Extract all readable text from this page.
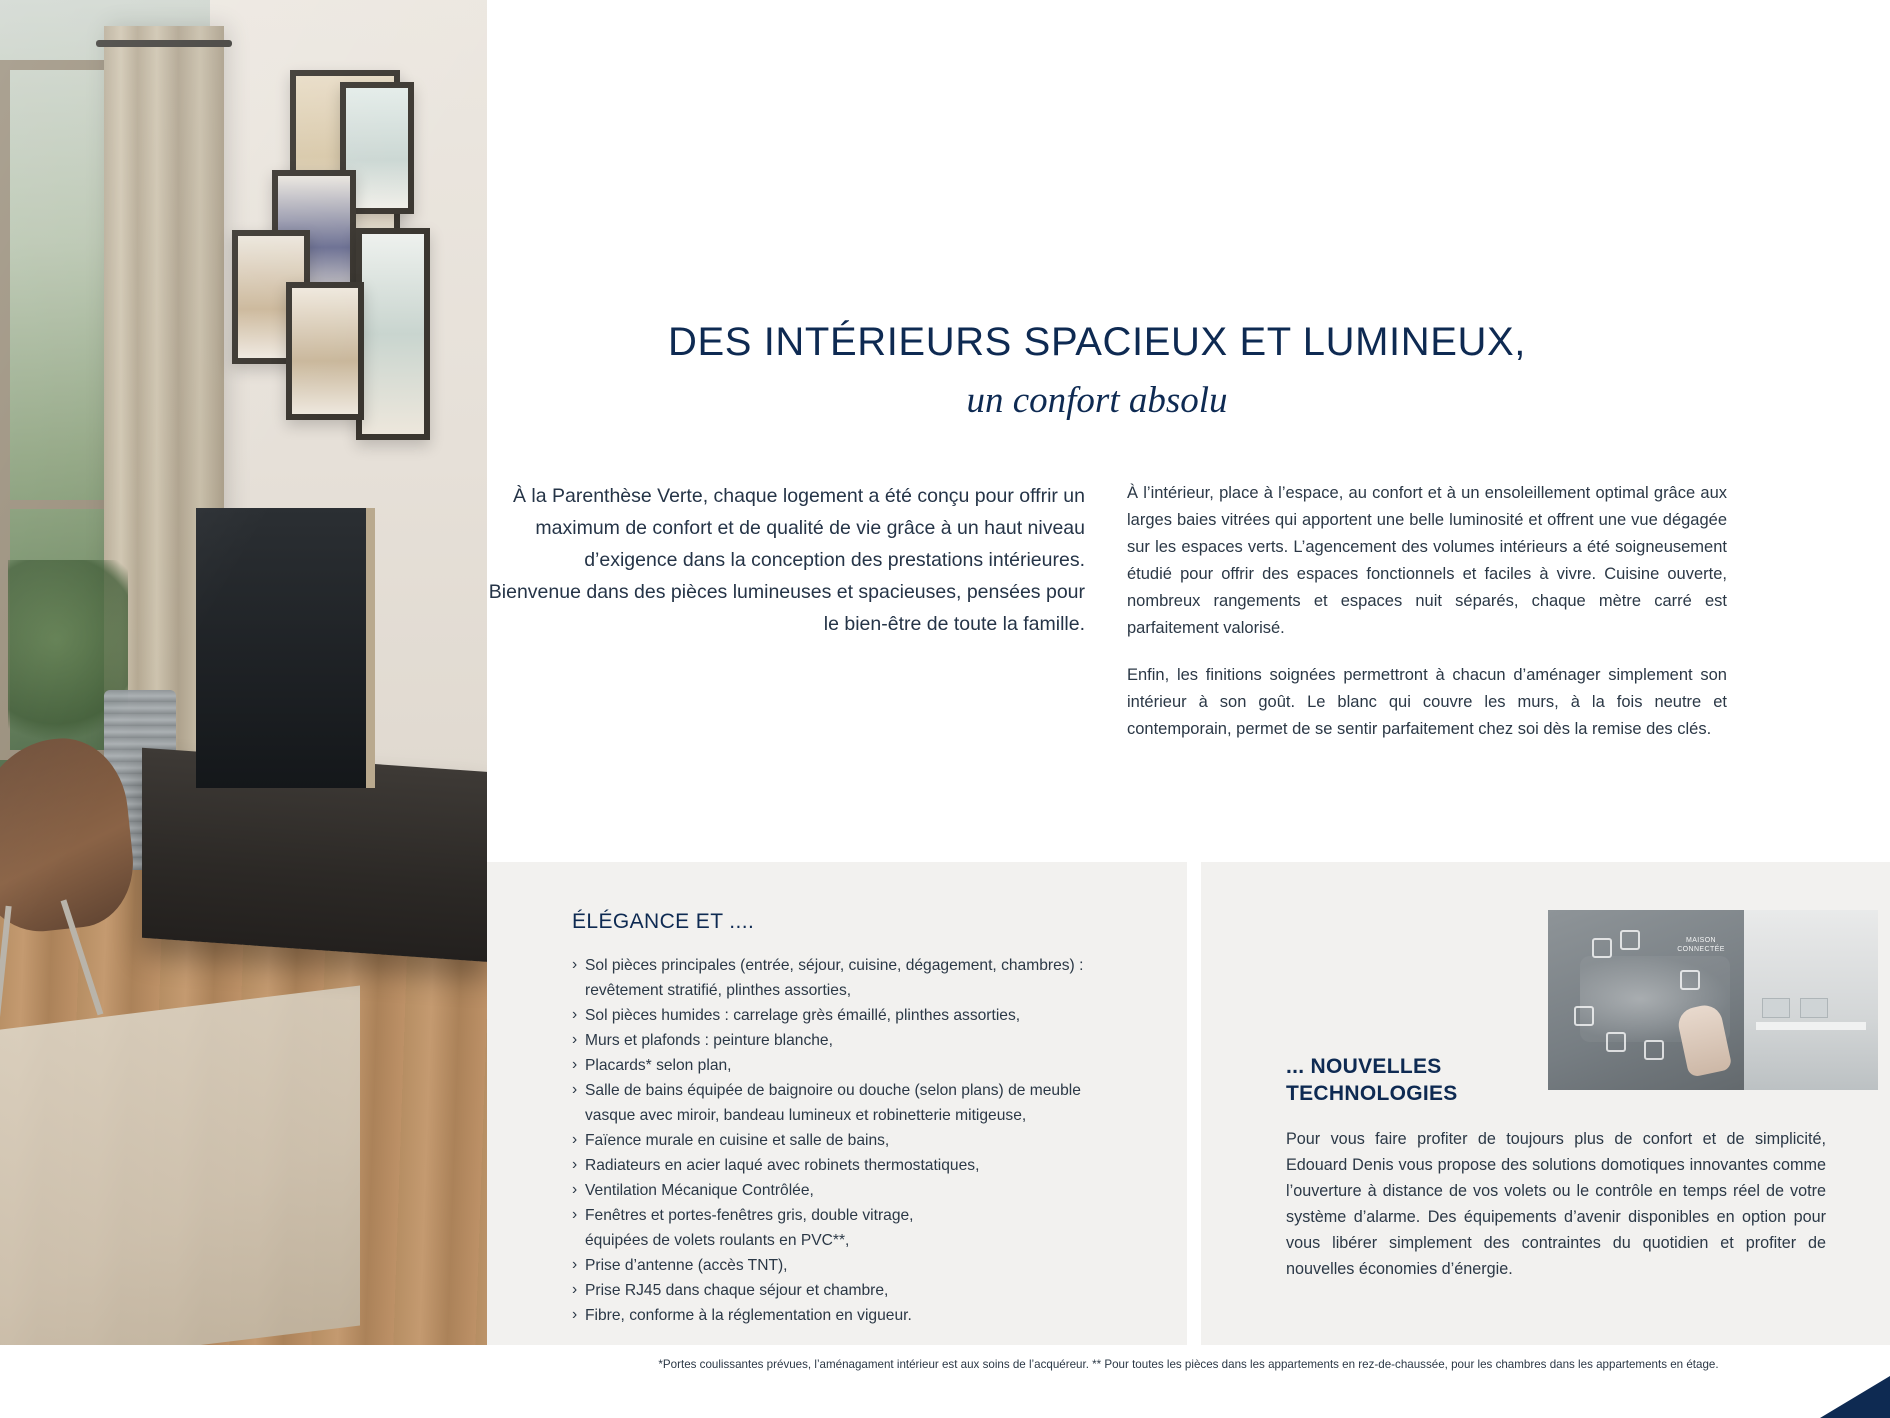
DES INTÉRIEURS SPACIEUX ET LUMINEUX,

un confort absolu

À la Parenthèse Verte, chaque logement a été conçu pour offrir un maximum de confort et de qualité de vie grâce à un haut niveau d’exigence dans la conception des prestations intérieures. Bienvenue dans des pièces lumineuses et spacieuses, pensées pour le bien-être de toute la famille.

À l’intérieur, place à l’espace, au confort et à un ensoleillement optimal grâce aux larges baies vitrées qui apportent une belle luminosité et offrent une vue dégagée sur les espaces verts. L’agencement des volumes intérieurs a été soigneusement étudié pour offrir des espaces fonctionnels et faciles à vivre. Cuisine ouverte, nombreux rangements et espaces nuit séparés, chaque mètre carré est parfaitement valorisé.

Enfin, les finitions soignées permettront à chacun d’aménager simplement son intérieur à son goût. Le blanc qui couvre les murs, à la fois neutre et contemporain, permet de se sentir parfaitement chez soi dès la remise des clés.

ÉLÉGANCE ET ....
› Sol pièces principales (entrée, séjour, cuisine, dégagement, chambres) :
revêtement stratifié, plinthes assorties,
› Sol pièces humides : carrelage grès émaillé, plinthes assorties,
› Murs et plafonds : peinture blanche,
› Placards* selon plan,
› Salle de bains équipée de baignoire ou douche (selon plans) de meuble
vasque avec miroir, bandeau lumineux et robinetterie mitigeuse,
› Faïence murale en cuisine et salle de bains,
› Radiateurs en acier laqué avec robinets thermostatiques,
› Ventilation Mécanique Contrôlée,
› Fenêtres et portes-fenêtres gris, double vitrage,
équipées de volets roulants en PVC**,
› Prise d’antenne (accès TNT),
› Prise RJ45 dans chaque séjour et chambre,
› Fibre, conforme à la réglementation en vigueur.
MAISON CONNECTÉE
... NOUVELLES TECHNOLOGIES
Pour vous faire profiter de toujours plus de confort et de simplicité, Edouard Denis vous propose des solutions domotiques innovantes comme l’ouverture à distance de vos volets ou le contrôle en temps réel de votre système d’alarme. Des équipements d’avenir disponibles en option pour vous libérer simplement des contraintes du quotidien et profiter de nouvelles économies d’énergie.
*Portes coulissantes prévues, l’aménagament intérieur est aux soins de l’acquéreur. ** Pour toutes les pièces dans les appartements en rez-de-chaussée, pour les chambres dans les appartements en étage.
